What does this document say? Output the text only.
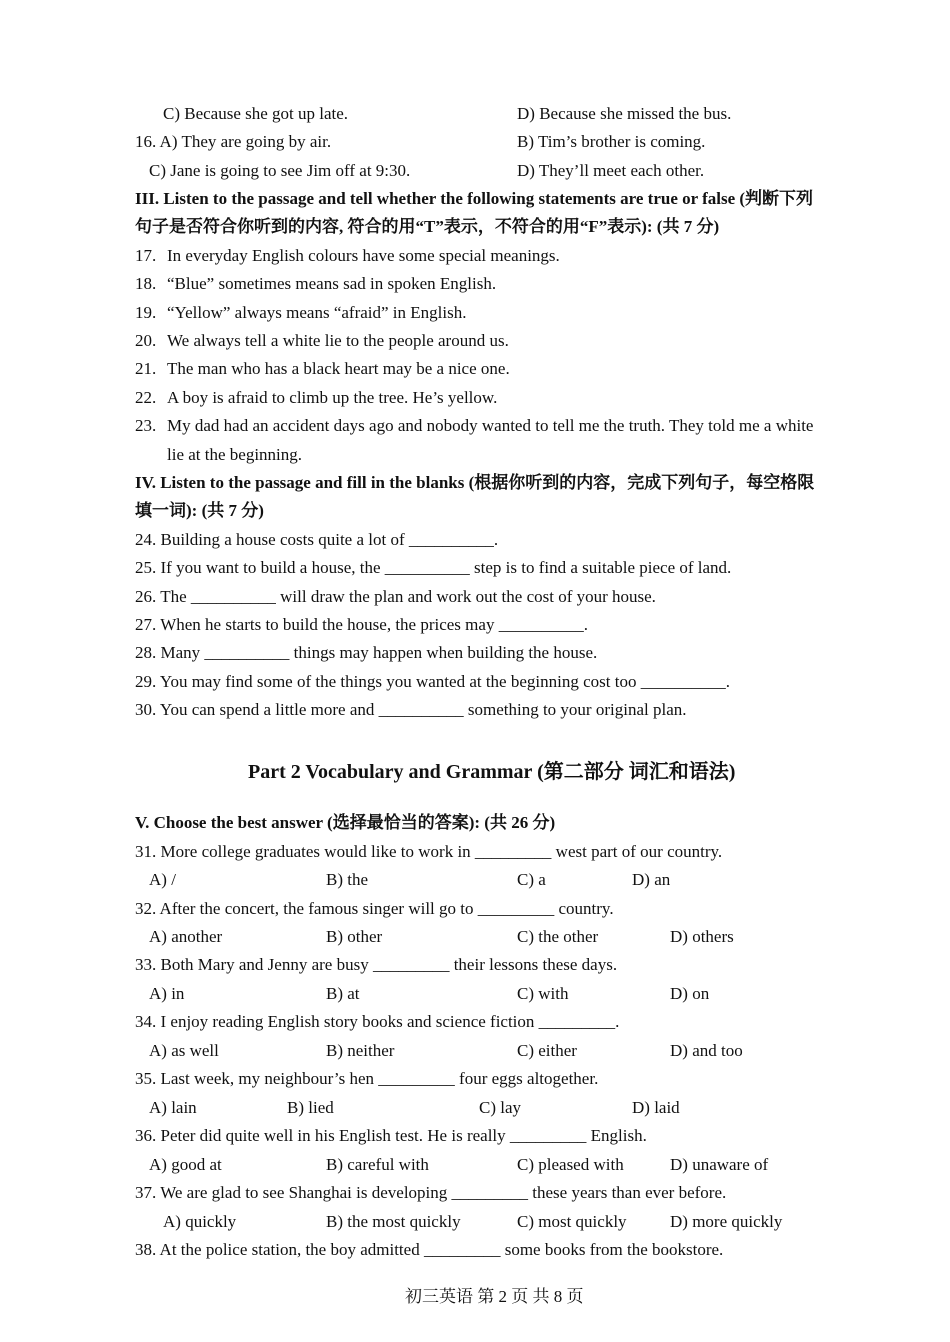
C) Because she got up late.	D) Because she missed the bus.
16. A) They are going by air.	B) Tim’s brother is coming.
C) Jane is going to see Jim off at 9:30.	D) They’ll meet each other.
III. Listen to the passage and tell whether the following statements are true or false (判断下列
句子是否符合你听到的内容, 符合的用“T”表示，不符合的用“F”表示): (共 7 分)
17. In everyday English colours have some special meanings.
18. “Blue” sometimes means sad in spoken English.
19. “Yellow” always means “afraid” in English.
20. We always tell a white lie to the people around us.
21. The man who has a black heart may be a nice one.
22. A boy is afraid to climb up the tree. He’s yellow.
23. My dad had an accident days ago and nobody wanted to tell me the truth. They told me a white
lie at the beginning.
IV. Listen to the passage and fill in the blanks (根据你听到的内容，完成下列句子，每空格限
填一词): (共 7 分)
24. Building a house costs quite a lot of __________.
25. If you want to build a house, the __________ step is to find a suitable piece of land.
26. The __________ will draw the plan and work out the cost of your house.
27. When he starts to build the house, the prices may __________.
28. Many __________ things may happen when building the house.
29. You may find some of the things you wanted at the beginning cost too __________.
30. You can spend a little more and __________ something to your original plan.
Part 2 Vocabulary and Grammar (第二部分 词汇和语法)
V. Choose the best answer (选择最恰当的答案): (共 26 分)
31. More college graduates would like to work in _________ west part of our country.
A) /	B) the	C) a	D) an
32. After the concert, the famous singer will go to _________ country.
A) another	B) other	C) the other	D) others
33. Both Mary and Jenny are busy _________ their lessons these days.
A) in	B) at	C) with	D) on
34. I enjoy reading English story books and science fiction _________.
A) as well	B) neither	C) either	D) and too
35. Last week, my neighbour’s hen _________ four eggs altogether.
A) lain	B) lied	C) lay	D) laid
36. Peter did quite well in his English test. He is really _________ English.
A) good at	B) careful with	C) pleased with	D) unaware of
37. We are glad to see Shanghai is developing _________ these years than ever before.
A) quickly	B) the most quickly	C) most quickly	D) more quickly
38. At the police station, the boy admitted _________ some books from the bookstore.
初三英语 第 2 页 共 8 页
